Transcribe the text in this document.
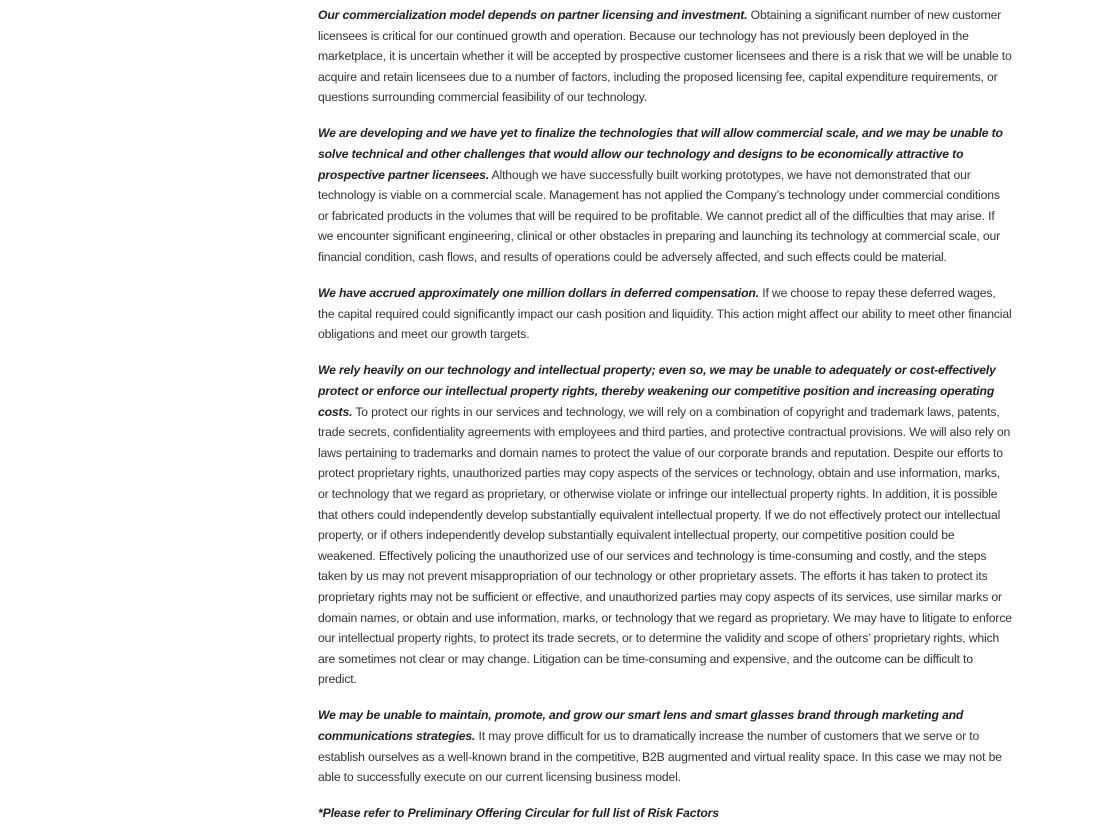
Our commercialization model depends on partner licensing and investment. Obtaining a significant number of new customer licensees is critical for our continued growth and operation. Because our technology has not previously been deployed in the marketplace, it is uncertain whether it will be accepted by prospective customer licensees and there is a risk that we will be unable to acquire and retain licensees due to a number of factors, including the proposed licensing fee, capital expenditure requirements, or questions surrounding commercial feasibility of our technology.

We are developing and we have yet to finalize the technologies that will allow commercial scale, and we may be unable to solve technical and other challenges that would allow our technology and designs to be economically attractive to prospective partner licensees. Although we have successfully built working prototypes, we have not demonstrated that our technology is viable on a commercial scale. Management has not applied the Company’s technology under commercial conditions or fabricated products in the volumes that will be required to be profitable. We cannot predict all of the difficulties that may arise. If we encounter significant engineering, clinical or other obstacles in preparing and launching its technology at commercial scale, our financial condition, cash flows, and results of operations could be adversely affected, and such effects could be material.

We have accrued approximately one million dollars in deferred compensation. If we choose to repay these deferred wages, the capital required could significantly impact our cash position and liquidity. This action might affect our ability to meet other financial obligations and meet our growth targets.

We rely heavily on our technology and intellectual property; even so, we may be unable to adequately or cost-effectively protect or enforce our intellectual property rights, thereby weakening our competitive position and increasing operating costs. To protect our rights in our services and technology, we will rely on a combination of copyright and trademark laws, patents, trade secrets, confidentiality agreements with employees and third parties, and protective contractual provisions. We will also rely on laws pertaining to trademarks and domain names to protect the value of our corporate brands and reputation. Despite our efforts to protect proprietary rights, unauthorized parties may copy aspects of the services or technology, obtain and use information, marks, or technology that we regard as proprietary, or otherwise violate or infringe our intellectual property rights. In addition, it is possible that others could independently develop substantially equivalent intellectual property. If we do not effectively protect our intellectual property, or if others independently develop substantially equivalent intellectual property, our competitive position could be weakened. Effectively policing the unauthorized use of our services and technology is time-consuming and costly, and the steps taken by us may not prevent misappropriation of our technology or other proprietary assets. The efforts it has taken to protect its proprietary rights may not be sufficient or effective, and unauthorized parties may copy aspects of its services, use similar marks or domain names, or obtain and use information, marks, or technology that we regard as proprietary. We may have to litigate to enforce our intellectual property rights, to protect its trade secrets, or to determine the validity and scope of others’ proprietary rights, which are sometimes not clear or may change. Litigation can be time-consuming and expensive, and the outcome can be difficult to predict.

We may be unable to maintain, promote, and grow our smart lens and smart glasses brand through marketing and communications strategies. It may prove difficult for us to dramatically increase the number of customers that we serve or to establish ourselves as a well-known brand in the competitive, B2B augmented and virtual reality space. In this case we may not be able to successfully execute on our current licensing business model.

*Please refer to Preliminary Offering Circular for full list of Risk Factors
